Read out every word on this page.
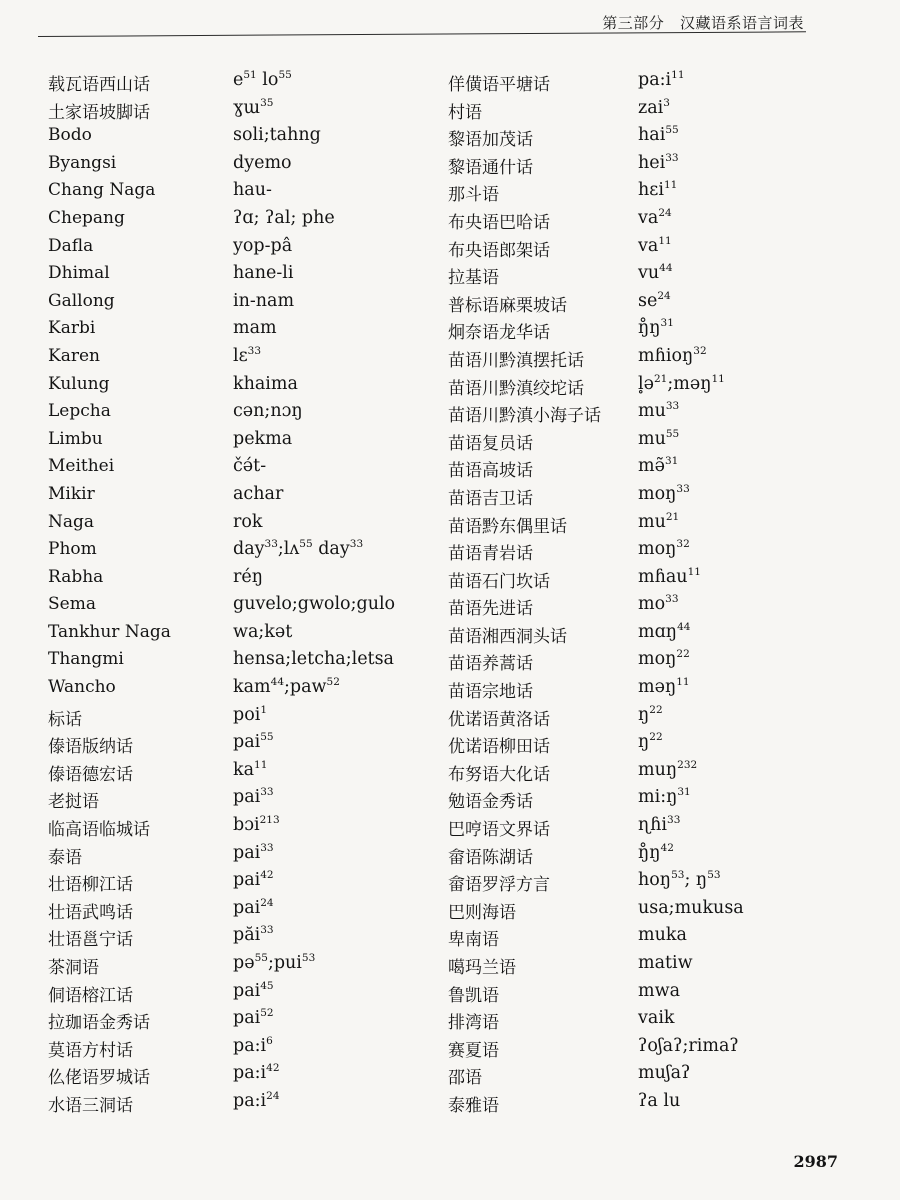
第三部分   汉藏语系语言词表
载瓦语西山话
土家语坡脚话
Bodo
Byangsi
Chang Naga
Chepang
Dafla
Dhimal
Gallong
Karbi
Karen
Kulung
Lepcha
Limbu
Meithei
Mikir
Naga
Phom
Rabha
Sema
Tankhur Naga
Thangmi
Wancho
标话
傣语版纳话
傣语德宏话
老挝语
临高语临城话
泰语
壮语柳江话
壮语武鸣话
壮语邕宁话
茶洞语
侗语榕江话
拉珈语金秀话
莫语方村话
仫佬语罗城话
水语三洞话
$e^{51}$ $lo^{55}$
ɣɯ$^{35}$
soli;tahng
dyemo
hau-
ʔɑ; ʔal; phe
yop-pâ
hane-li
in-nam
mam
lɛ$^{33}$
khaima
cən;nɔŋ
pekma
čə́t-
achar
rok
day$^{33}$;lʌ$^{55}$ day$^{33}$
réŋ
guvelo;gwolo;gulo
wa;kət
hensa;letcha;letsa
kam$^{44}$;paw$^{52}$
poi$^1$
pai$^{55}$
$ka^{11}$
pai$^{33}$
bɔi$^{213}$
pai$^{33}$
pai$^{42}$
pai$^{24}$
păi$^{33}$
pə$^{55}$;pui$^{53}$
pai$^{45}$
pai$^{52}$
$pa:i^6$
$pa:i^{42}$
$pa:i^{24}$
佯僙语平塘话
村语
黎语加茂话
黎语通什话
那斗语
布央语巴哈话
布央语郎架话
拉基语
普标语麻栗坡话
炯奈语龙华话
苗语川黔滇摆托话
苗语川黔滇绞坨话
苗语川黔滇小海子话
苗语复员话
苗语高坡话
苗语吉卫话
苗语黔东偶里话
苗语青岩话
苗语石门坎话
苗语先进话
苗语湘西洞头话
苗语养蒿话
苗语宗地话
优诺语黄洛话
优诺语柳田话
布努语大化话
勉语金秀话
巴哼语文界话
畲语陈湖话
畲语罗浮方言
巴则海语
卑南语
噶玛兰语
鲁凯语
排湾语
赛夏语
邵语
泰雅语
$pa:i^{11}$
zai$^3$
hai$^{55}$
hei$^{33}$
hɛi$^{11}$
$va^{24}$
$va^{11}$
$vu^{44}$
$se^{24}$
$ŋ̊ŋ^{31}$
mɦioŋ$^{32}$
l̥ə$^{21}$;məŋ$^{11}$
$mu^{33}$
$mu^{55}$
mə̃$^{31}$
moŋ$^{33}$
$mu^{21}$
moŋ$^{32}$
mɦau$^{11}$
$mo^{33}$
mɑŋ$^{44}$
moŋ$^{22}$
məŋ$^{11}$
$ŋ^{22}$
$ŋ^{22}$
muŋ$^{232}$
$mi:ŋ^{31}$
ɳɦi$^{33}$
$ŋ̊ŋ^{42}$
hoŋ$^{53}$; $ŋ^{53}$
usa;mukusa
muka
matiw
mwa
vaik
ʔoʃaʔ;rimaʔ
muʃaʔ
ʔa lu
2987
